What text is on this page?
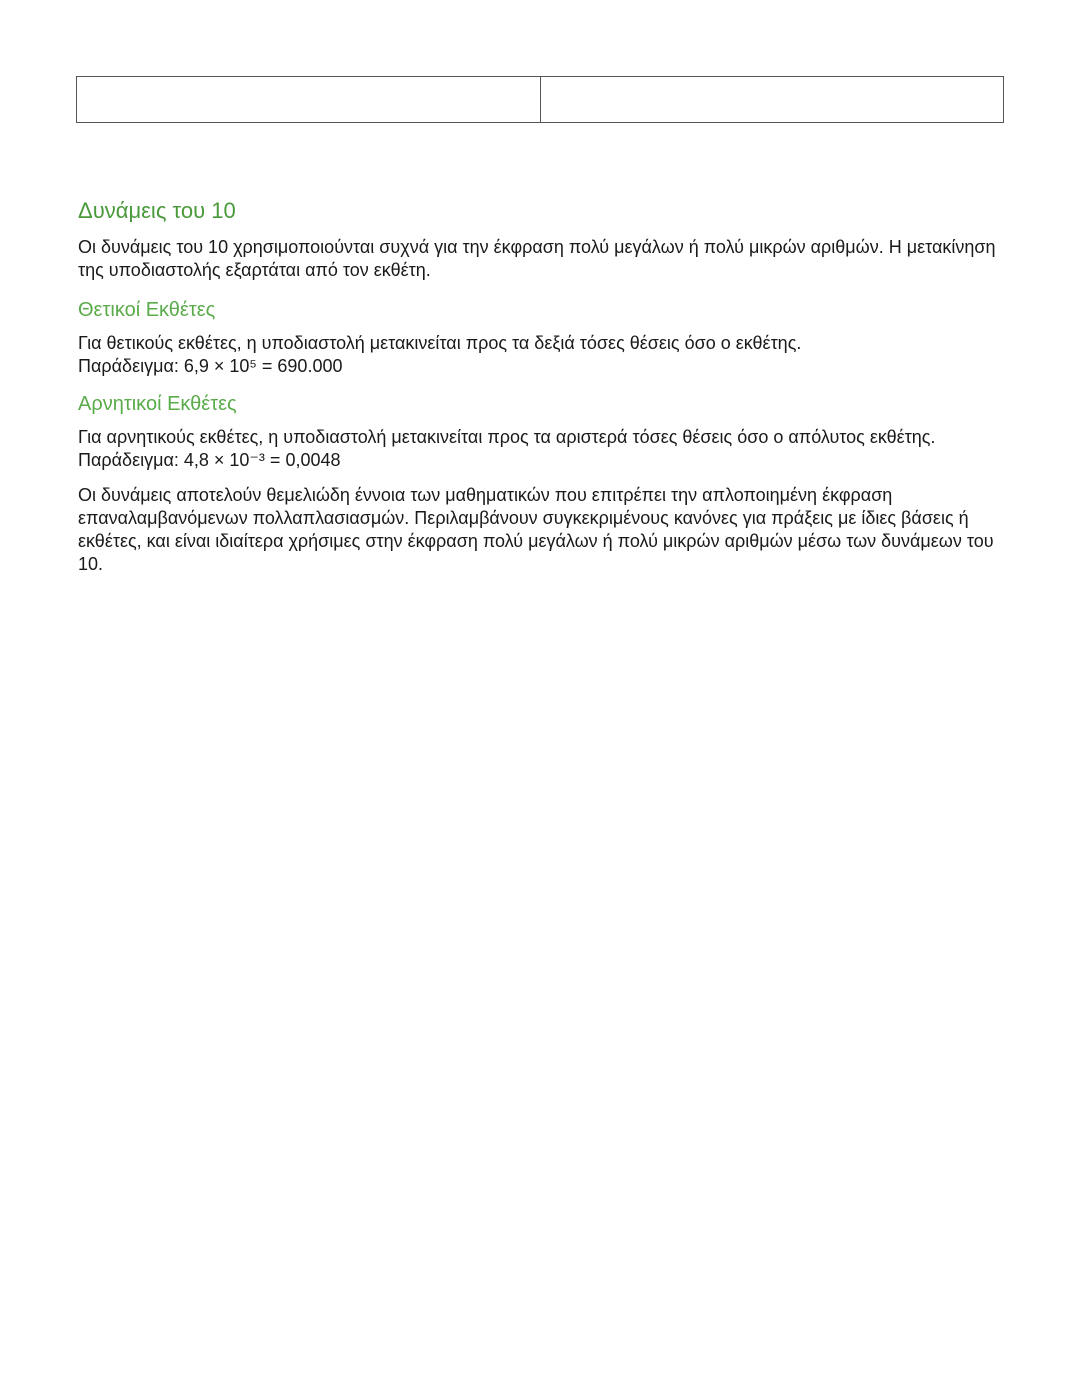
Δυνάμεις του 10

Οι δυνάμεις του 10 χρησιμοποιούνται συχνά για την έκφραση πολύ μεγάλων ή πολύ μικρών αριθμών. Η μετακίνηση της υποδιαστολής εξαρτάται από τον εκθέτη.

Θετικοί Εκθέτες
Για θετικούς εκθέτες, η υποδιαστολή μετακινείται προς τα δεξιά τόσες θέσεις όσο ο εκθέτης.
Παράδειγμα: 6,9 × 10⁵ = 690.000
Αρνητικοί Εκθέτες
Για αρνητικούς εκθέτες, η υποδιαστολή μετακινείται προς τα αριστερά τόσες θέσεις όσο ο απόλυτος εκθέτης.
Παράδειγμα: 4,8 × 10⁻³ = 0,0048

Οι δυνάμεις αποτελούν θεμελιώδη έννοια των μαθηματικών που επιτρέπει την απλοποιημένη έκφραση επαναλαμβανόμενων πολλαπλασιασμών. Περιλαμβάνουν συγκεκριμένους κανόνες για πράξεις με ίδιες βάσεις ή εκθέτες, και είναι ιδιαίτερα χρήσιμες στην έκφραση πολύ μεγάλων ή πολύ μικρών αριθμών μέσω των δυνάμεων του 10.
